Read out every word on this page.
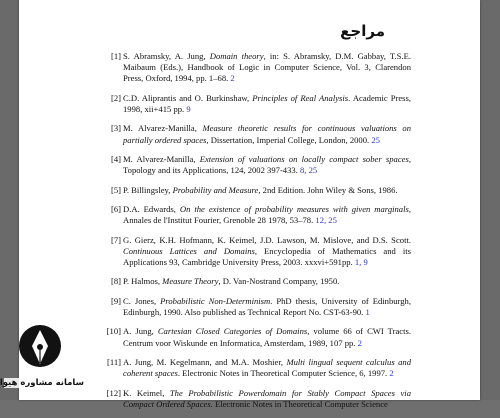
مراجع
[1] S. Abramsky, A. Jung, Domain theory, in: S. Abramsky, D.M. Gabbay, T.S.E. Maibaum (Eds.), Handbook of Logic in Computer Science, Vol. 3, Clarendon Press, Oxford, 1994, pp. 1–68. 2
[2] C.D. Aliprantis and O. Burkinshaw, Principles of Real Analysis. Academic Press, 1998, xii+415 pp. 9
[3] M. Alvarez-Manilla, Measure theoretic results for continuous valuations on partially ordered spaces, Dissertation, Imperial College, London, 2000. 25
[4] M. Alvarez-Manilla, Extension of valuations on locally compact sober spaces, Topology and its Applications, 124, 2002 397-433. 8, 25
[5] P. Billingsley, Probability and Measure, 2nd Edition. John Wiley & Sons, 1986.
[6] D.A. Edwards, On the existence of probability measures with given marginals, Annales de l'Institut Fourier, Grenoble 28 1978, 53–78. 12, 25
[7] G. Gierz, K.H. Hofmann, K. Keimel, J.D. Lawson, M. Mislove, and D.S. Scott. Continuous Lattices and Domains, Encyclopedia of Mathematics and its Applications 93, Cambridge University Press, 2003. xxxvi+591pp. 1, 9
[8] P. Halmos, Measure Theory, D. Van-Nostrand Company, 1950.
[9] C. Jones, Probabilistic Non-Determinism. PhD thesis, University of Edinburgh, Edinburgh, 1990. Also published as Technical Report No. CST-63-90. 1
[10] A. Jung, Cartesian Closed Categories of Domains, volume 66 of CWI Tracts. Centrum voor Wiskunde en Informatica, Amsterdam, 1989, 107 pp. 2
[11] A. Jung, M. Kegelmann, and M.A. Moshier, Multi lingual sequent calculus and coherent spaces. Electronic Notes in Theoretical Computer Science, 6, 1997. 2
[12] K. Keimel, The Probabilistic Powerdomain for Stably Compact Spaces via Compact Ordered Spaces. Electronic Notes in Theoretical Computer Science
سامانه مشاوره هیوا
